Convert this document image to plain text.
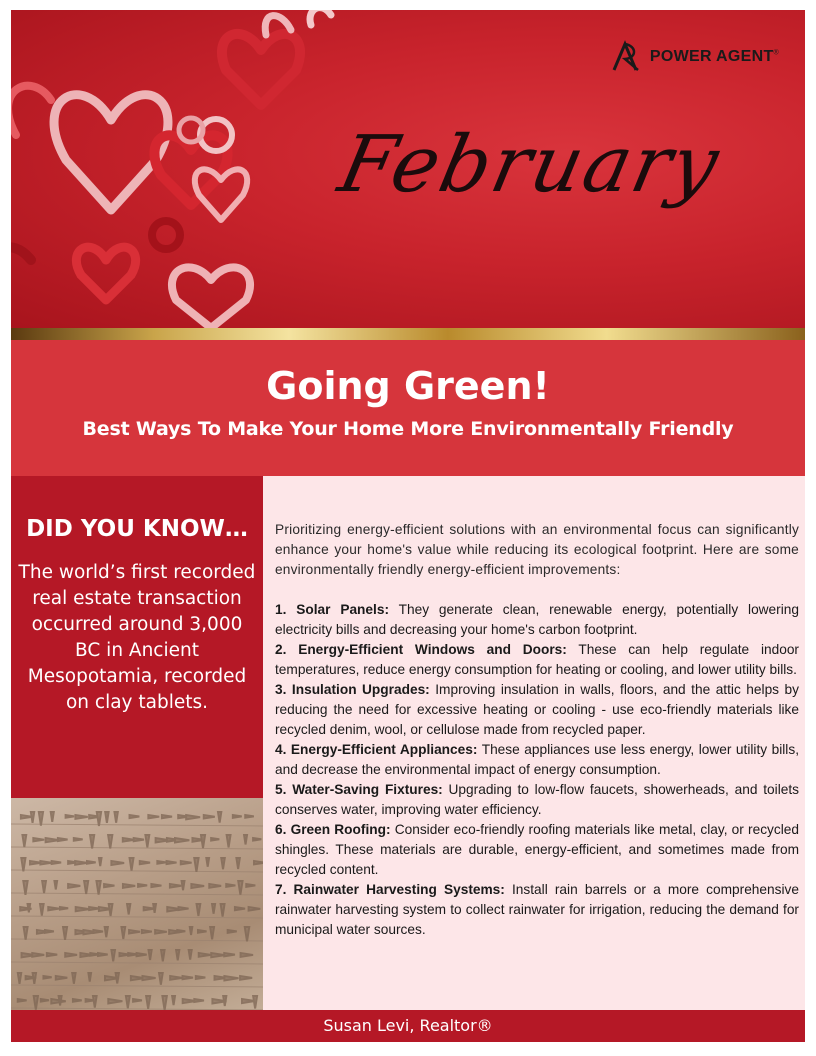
POWER AGENT®
February
Going Green!
Best Ways To Make Your Home More Environmentally Friendly
DID YOU KNOW…
The world’s first recorded real estate transaction occurred around 3,000 BC in Ancient Mesopotamia, recorded on clay tablets.

Prioritizing energy-efficient solutions with an environmental focus can significantly enhance your home's value while reducing its ecological footprint. Here are some environmentally friendly energy-efficient improvements:

1. Solar Panels: They generate clean, renewable energy, potentially lowering electricity bills and decreasing your home's carbon footprint.

2. Energy-Efficient Windows and Doors: These can help regulate indoor temperatures, reduce energy consumption for heating or cooling, and lower utility bills.

3. Insulation Upgrades: Improving insulation in walls, floors, and the attic helps by reducing the need for excessive heating or cooling - use eco-friendly materials like recycled denim, wool, or cellulose made from recycled paper.

4. Energy-Efficient Appliances: These appliances use less energy, lower utility bills, and decrease the environmental impact of energy consumption.

5. Water-Saving Fixtures: Upgrading to low-flow faucets, showerheads, and toilets conserves water, improving water efficiency.

6. Green Roofing: Consider eco-friendly roofing materials like metal, clay, or recycled shingles. These materials are durable, energy-efficient, and sometimes made from recycled content.

7. Rainwater Harvesting Systems: Install rain barrels or a more comprehensive rainwater harvesting system to collect rainwater for irrigation, reducing the demand for municipal water sources.

Susan Levi, Realtor®
